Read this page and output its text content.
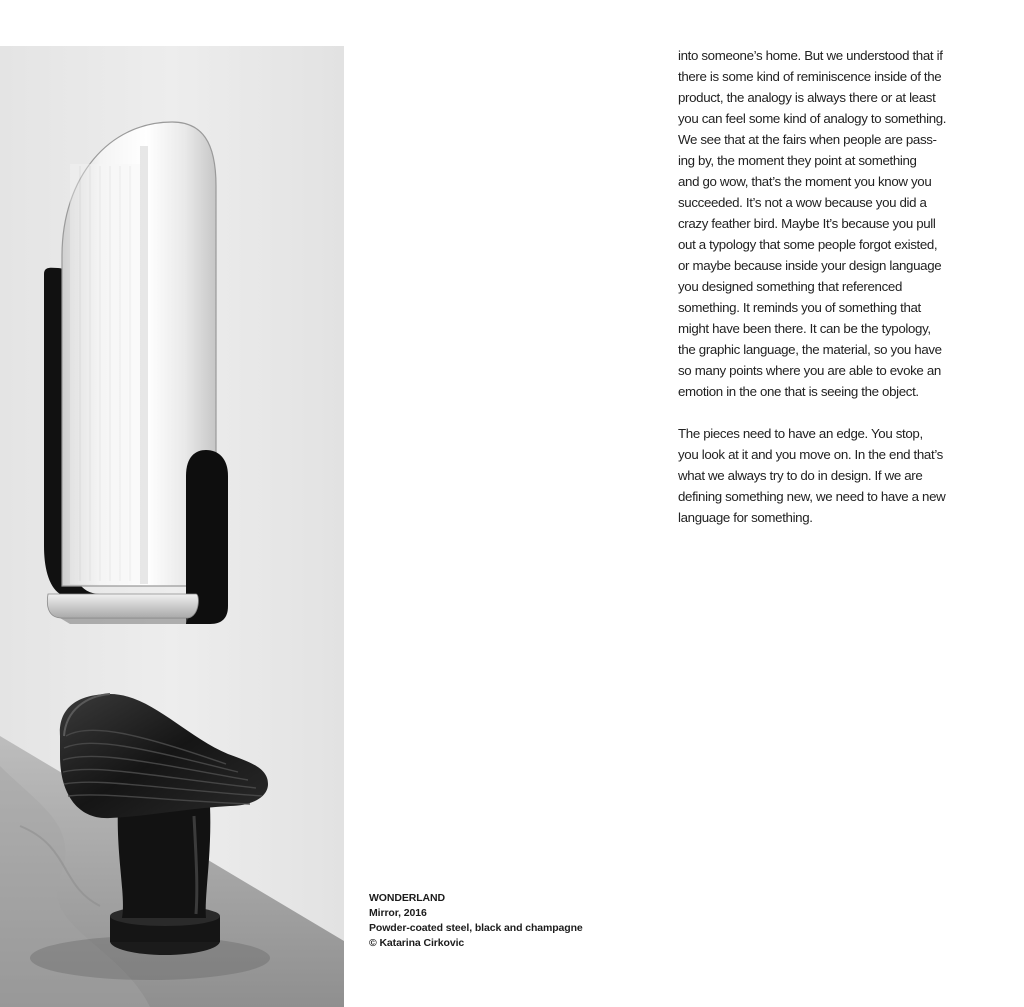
WONDERLAND
Mirror, 2016
Powder-coated steel, black and champagne
© Katarina Cirkovic

into someone’s home. But we understood that if
there is some kind of reminiscence inside of the
product, the analogy is always there or at least
you can feel some kind of analogy to something.
We see that at the fairs when people are pass-
ing by, the moment they point at something
and go wow, that’s the moment you know you
succeeded. It’s not a wow because you did a
crazy feather bird. Maybe It’s because you pull
out a typology that some people forgot existed,
or maybe because inside your design language
you designed something that referenced
something. It reminds you of something that
might have been there. It can be the typology,
the graphic language, the material, so you have
so many points where you are able to evoke an
emotion in the one that is seeing the object.

The pieces need to have an edge. You stop,
you look at it and you move on. In the end that’s
what we always try to do in design. If we are
defining something new, we need to have a new
language for something.
